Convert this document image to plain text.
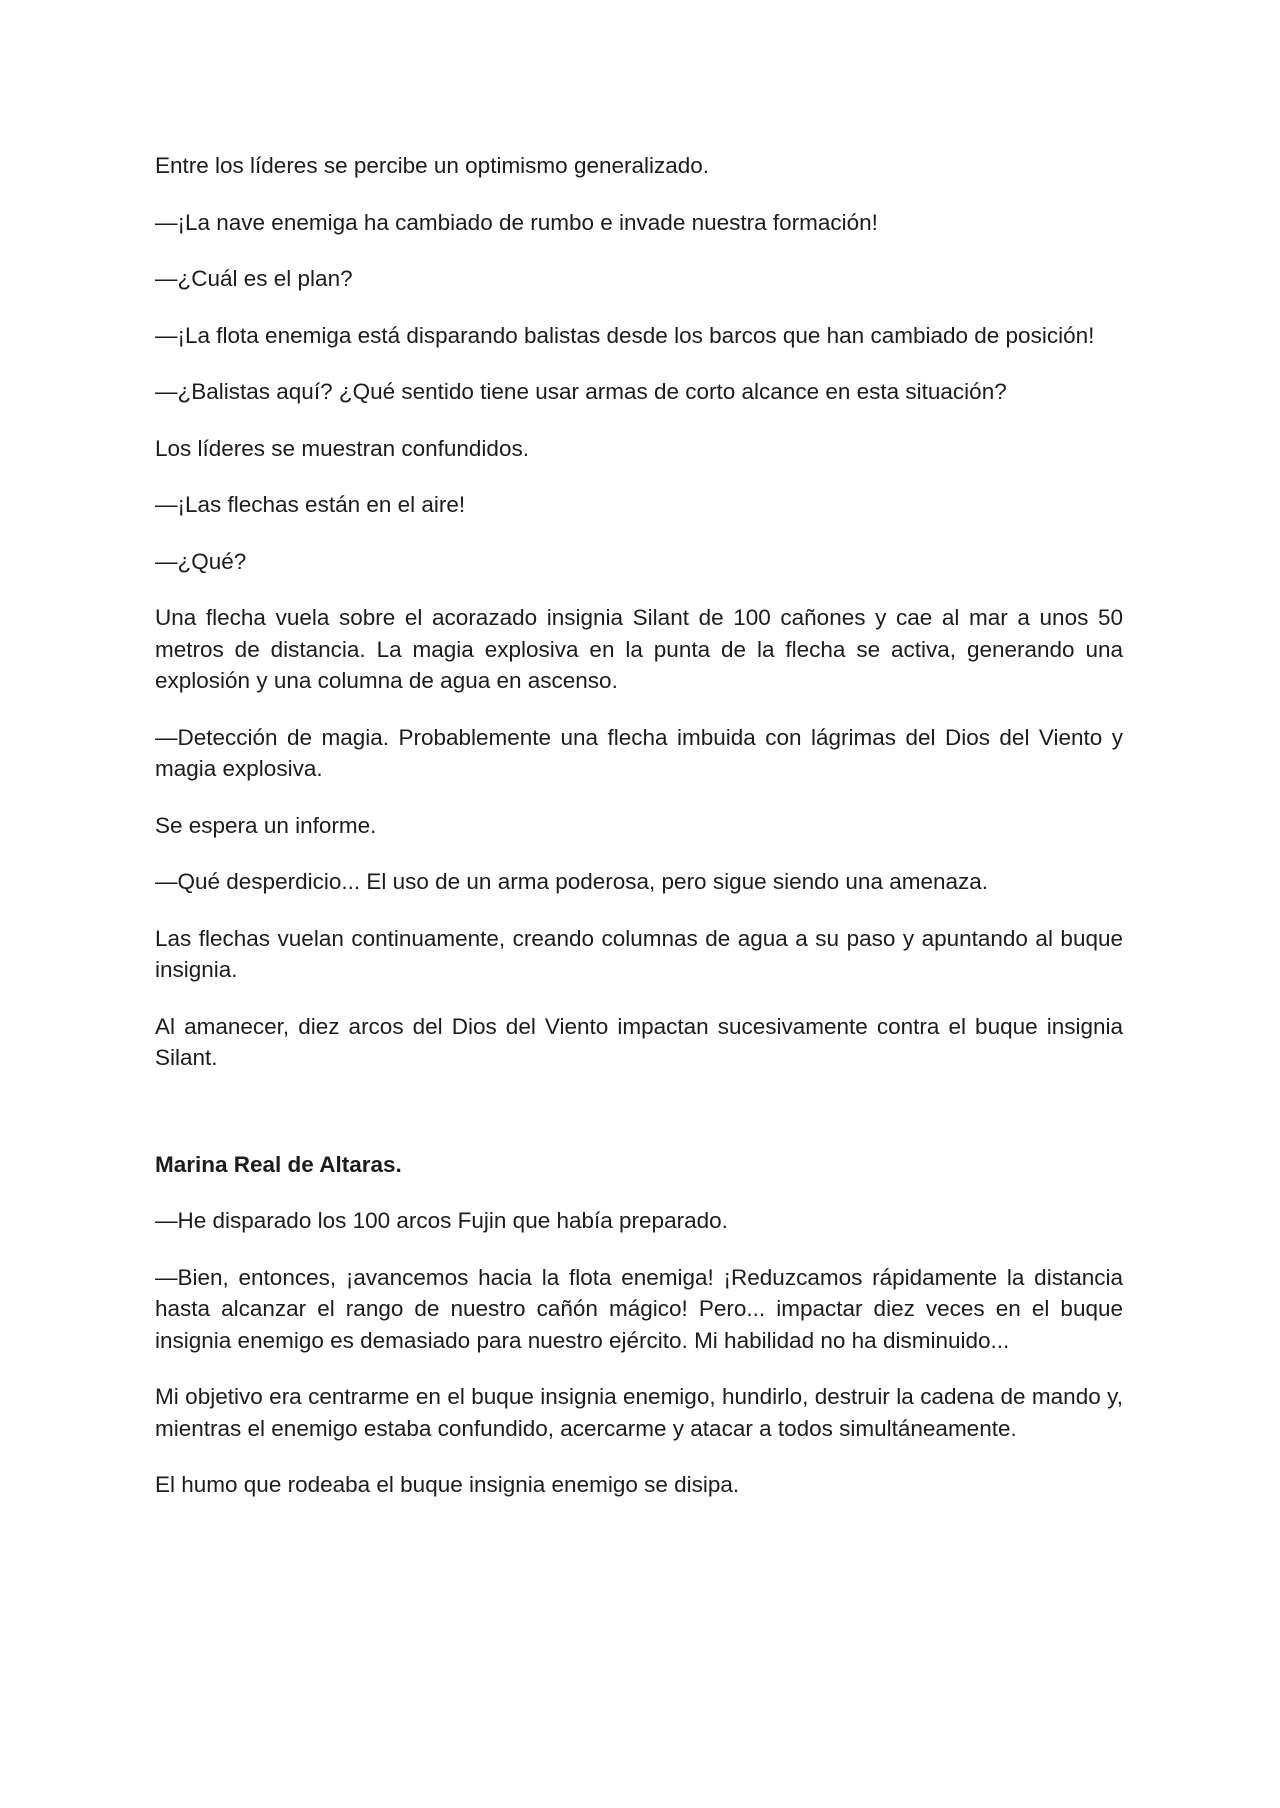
Entre los líderes se percibe un optimismo generalizado.

—¡La nave enemiga ha cambiado de rumbo e invade nuestra formación!

—¿Cuál es el plan?

—¡La flota enemiga está disparando balistas desde los barcos que han cambiado de posición!

—¿Balistas aquí? ¿Qué sentido tiene usar armas de corto alcance en esta situación?

Los líderes se muestran confundidos.

—¡Las flechas están en el aire!

—¿Qué?

Una flecha vuela sobre el acorazado insignia Silant de 100 cañones y cae al mar a unos 50 metros de distancia. La magia explosiva en la punta de la flecha se activa, generando una explosión y una columna de agua en ascenso.

—Detección de magia. Probablemente una flecha imbuida con lágrimas del Dios del Viento y magia explosiva.

Se espera un informe.

—Qué desperdicio... El uso de un arma poderosa, pero sigue siendo una amenaza.

Las flechas vuelan continuamente, creando columnas de agua a su paso y apuntando al buque insignia.

Al amanecer, diez arcos del Dios del Viento impactan sucesivamente contra el buque insignia Silant.

Marina Real de Altaras.

—He disparado los 100 arcos Fujin que había preparado.

—Bien, entonces, ¡avancemos hacia la flota enemiga! ¡Reduzcamos rápidamente la distancia hasta alcanzar el rango de nuestro cañón mágico! Pero... impactar diez veces en el buque insignia enemigo es demasiado para nuestro ejército. Mi habilidad no ha disminuido...

Mi objetivo era centrarme en el buque insignia enemigo, hundirlo, destruir la cadena de mando y, mientras el enemigo estaba confundido, acercarme y atacar a todos simultáneamente.

El humo que rodeaba el buque insignia enemigo se disipa.
